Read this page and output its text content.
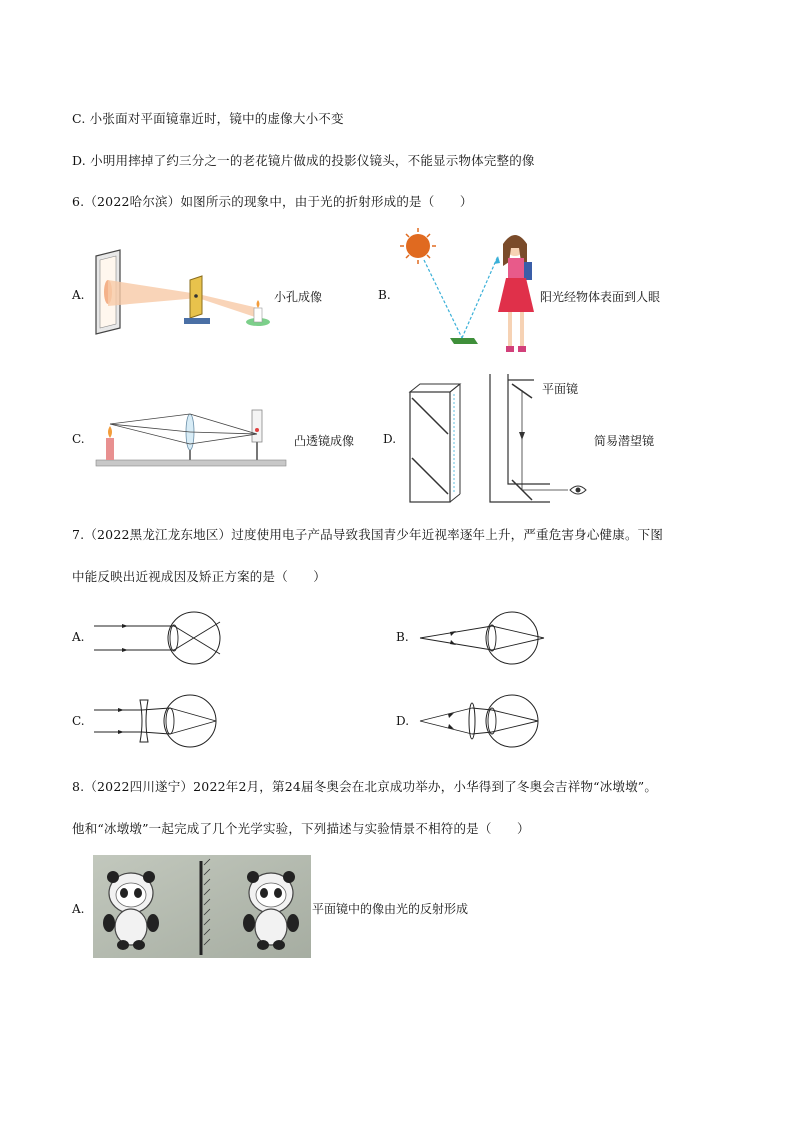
C. 小张面对平面镜靠近时，镜中的虚像大小不变
D. 小明用摔掉了约三分之一的老花镜片做成的投影仪镜头，不能显示物体完整的像
6.（2022哈尔滨）如图所示的现象中，由于光的折射形成的是（　　）
A.	小孔成像	B.	阳光经物体表面到人眼
C.	凸透镜成像 D.
平面镜
简易潜望镜
7.（2022黑龙江龙东地区）过度使用电子产品导致我国青少年近视率逐年上升，严重危害身心健康。下图
中能反映出近视成因及矫正方案的是（　　）
A.	B.
C.	D.
8.（2022四川遂宁）2022年2月，第24届冬奥会在北京成功举办，小华得到了冬奥会吉祥物“冰墩墩”。
他和“冰墩墩”一起完成了几个光学实验，下列描述与实验情景不相符的是（　　）
A.	平面镜中的像由光的反射形成
